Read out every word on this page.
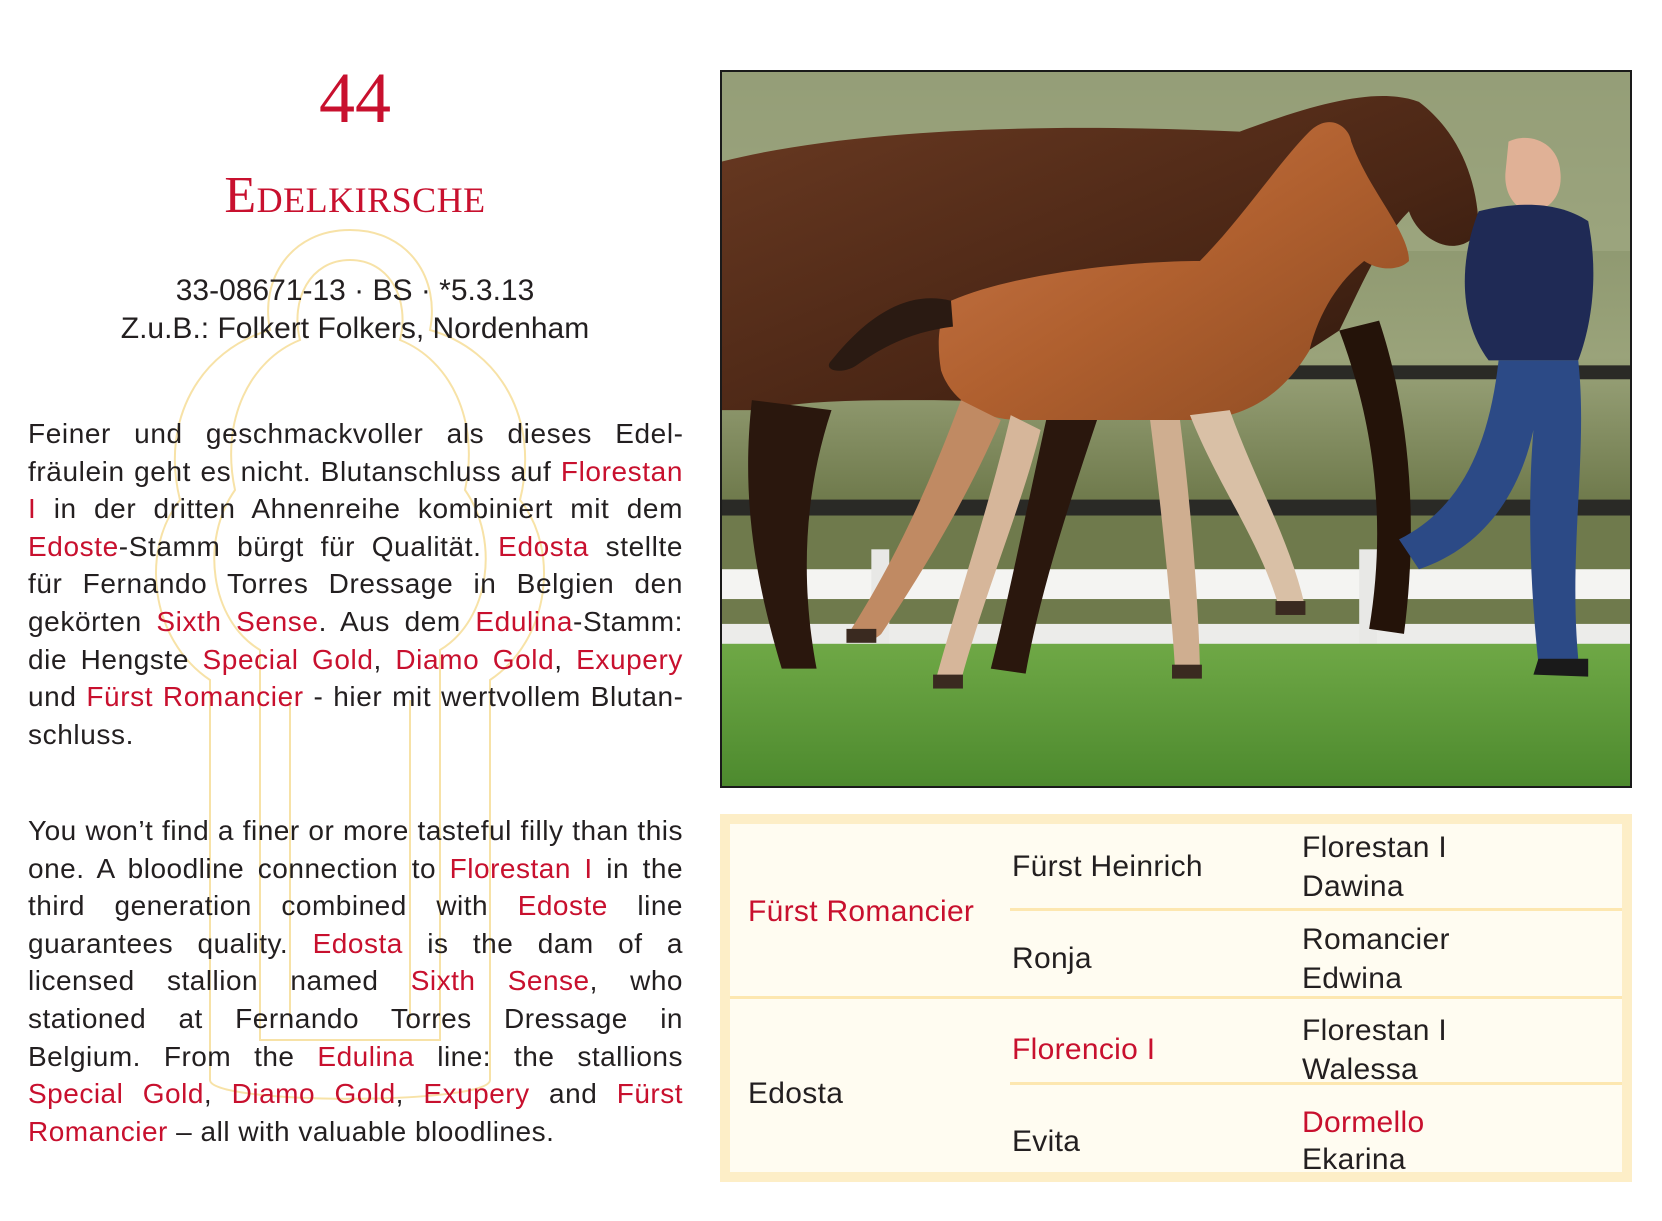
44
Edelkirsche
33-08671-13 · BS · *5.3.13
Z.u.B.: Folkert Folkers, Nordenham
Feiner und geschmackvoller als dieses Edelfräulein geht es nicht. Blutanschluss auf Florestan I in der dritten Ahnenreihe kombiniert mit dem Edoste-Stamm bürgt für Qualität. Edosta stellte für Fernando Torres Dressage in Belgien den gekörten Sixth Sense. Aus dem Edulina-Stamm: die Hengste Special Gold, Diamo Gold, Exupery und Fürst Romancier - hier mit wertvollem Blutanschluss.
You won’t find a finer or more tasteful filly than this one. A bloodline connection to Florestan I in the third generation combined with Edoste line guarantees quality. Edosta is the dam of a licensed stallion named Sixth Sense, who stationed at Fernando Torres Dressage in Belgium. From the Edulina line: the stallions Special Gold, Diamo Gold, Exupery and Fürst Romancier – all with valuable bloodlines.
Fürst Romancier
Fürst Heinrich
Florestan I
Dawina
Ronja
Romancier
Edwina
Edosta
Florencio I
Florestan I
Walessa
Evita
Dormello
Ekarina
